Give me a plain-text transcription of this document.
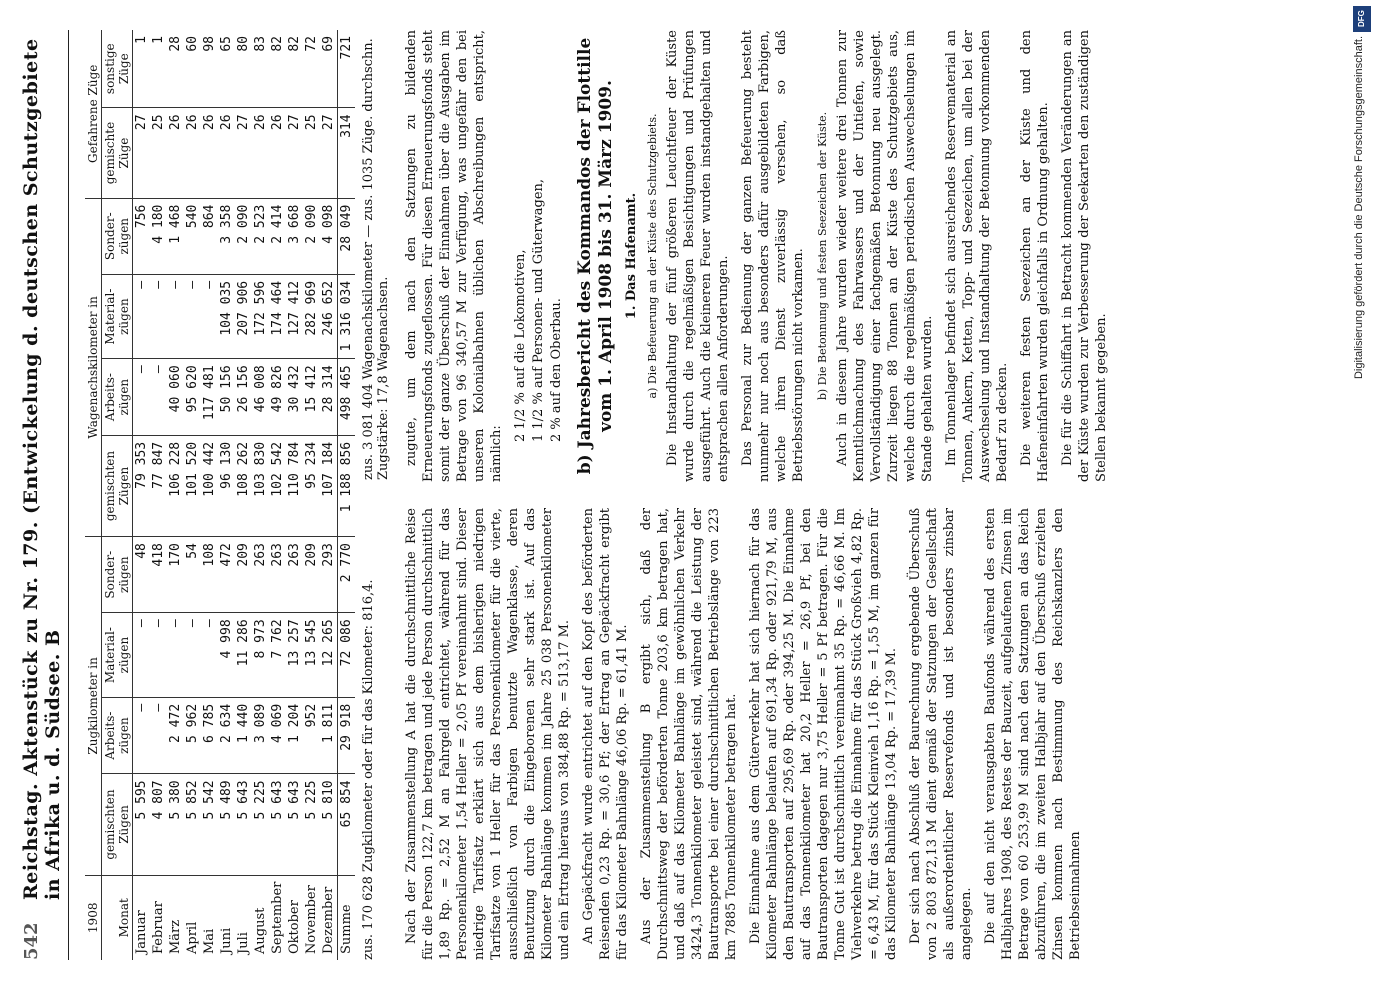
DFG
Digitalisierung gefördert durch die Deutsche Forschungsgemeinschaft.
542
Reichstag. Aktenstück zu Nr. 179. (Entwickelung d. deutschen Schutzgebiete in Afrika u. d. Südsee. B
1908	Zugkilometer in				Wagenachskilometer in				Gefahrene Züge	
Monat	gemischten Zügen	Arbeits-zügen	Material-zügen	Sonder-zügen	gemischten Zügen	Arbeits-zügen	Material-zügen	Sonder-zügen	gemischte Züge	sonstige Züge
Januar	5 595	—	—	48	79 353	—	—	756	27	1
Februar	4 807	—	—	418	77 847	—	—	4 180	25	1
März	5 380	2 472	—	170	106 228	40 060	—	1 468	26	28
April	5 852	5 962	—	54	101 520	95 620	—	540	26	60
Mai	5 542	6 785	—	108	100 442	117 481	—	864	26	98
Juni	5 489	2 634	4 998	472	96 130	50 156	104 035	3 358	26	65
Juli	5 643	1 440	11 286	209	108 262	26 156	207 906	2 090	27	80
August	5 225	3 089	8 973	263	103 830	46 008	172 596	2 523	26	83
September	5 643	4 069	7 762	263	102 542	49 826	174 464	2 414	26	82
Oktober	5 643	1 204	13 257	263	110 784	30 432	127 412	3 668	27	82
November	5 225	952	13 545	209	95 234	15 412	282 969	2 090	25	72
Dezember	5 810	1 811	12 265	293	107 184	28 314	246 652	4 098	27	69
Summe	65 854	29 918	72 086	2 770	1 188 856	498 465	1 316 034	28 049	314	721

zus. 170 628 Zugkilometer oder für das Kilometer: 816,4.

zus. 3 081 404 Wagenachskilometer — zus. 1035 Züge. durchschn. Zugstärke: 17,8 Wagenachsen.

Nach der Zusammenstellung A hat die durchschnittliche Reise für die Person 122,7 km betragen und jede Person durchschnittlich 1,89 Rp. = 2,52 M an Fahrgeld entrichtet, während für das Personenkilometer 1,54 Heller = 2,05 Pf vereinnahmt sind. Dieser niedrige Tarifsatz erklärt sich aus dem bisherigen niedrigen Tarifsatze von 1 Heller für das Personenkilometer für die vierte, ausschließlich von Farbigen benutzte Wagenklasse, deren Benutzung durch die Eingeborenen sehr stark ist. Auf das Kilometer Bahnlänge kommen im Jahre 25 038 Personenkilometer und ein Ertrag hieraus von 384,88 Rp. = 513,17 M. An Gepäckfracht wurde entrichtet auf den Kopf des beförderten Reisenden 0,23 Rp. = 30,6 Pf; der Ertrag an Gepäckfracht ergibt für das Kilometer Bahnlänge 46,06 Rp. = 61,41 M. Aus der Zusammenstellung B ergibt sich, daß der Durchschnittsweg der beförderten Tonne 203,6 km betragen hat, und daß auf das Kilometer Bahnlänge im gewöhnlichen Verkehr 3424,3 Tonnenkilometer geleistet sind, während die Leistung der Bautransporte bei einer durchschnittlichen Betriebslänge von 223 km 7885 Tonnenkilometer betragen hat. Die Einnahme aus dem Güterverkehr hat sich hiernach für das Kilometer Bahnlänge belaufen auf 691,34 Rp. oder 921,79 M, aus den Bautransporten auf 295,69 Rp. oder 394,25 M. Die Einnahme auf das Tonnenkilometer hat 20,2 Heller = 26,9 Pf, bei den Bautransporten dagegen nur 3,75 Heller = 5 Pf betragen. Für die Tonne Gut ist durchschnittlich vereinnahmt 35 Rp. = 46,66 M. Im Viehverkehre betrug die Einnahme für das Stück Großvieh 4,82 Rp. = 6,43 M, für das Stück Kleinvieh 1,16 Rp. = 1,55 M, im ganzen für das Kilometer Bahnlänge 13,04 Rp. = 17,39 M. Der sich nach Abschluß der Baurechnung ergebende Überschuß von 2 803 872,13 M dient gemäß der Satzungen der Gesellschaft als außerordentlicher Reservefonds und ist besonders zinsbar angelegen. Die auf den nicht verausgabten Baufonds während des ersten Halbjahres 1908, des Restes der Bauzeit, aufgelaufenen Zinsen im Betrage von 60 253,99 M sind nach den Satzungen an das Reich abzuführen, die im zweiten Halbjahr auf den Überschuß erzielten Zinsen kommen nach Bestimmung des Reichskanzlers den Betriebseinnahmen

zugute, um dem nach den Satzungen zu bildenden Erneuerungsfonds zugeflossen. Für diesen Erneuerungsfonds steht somit der ganze Überschuß der Einnahmen über die Ausgaben im Betrage von 96 340,57 M zur Verfügung, was ungefähr den bei unseren Kolonialbahnen üblichen Abschreibungen entspricht, nämlich:

2 1/2 % auf die Lokomotiven, 1 1/2 % auf Personen- und Güterwagen, 2 % auf den Oberbau. b) Jahresbericht des Kommandos der Flottille vom 1. April 1908 bis 31. März 1909. 1. Das Hafenamt. a) Die Befeuerung an der Küste des Schutzgebiets. Die Instandhaltung der fünf größeren Leuchtfeuer der Küste wurde durch die regelmäßigen Besichtigungen und Prüfungen ausgeführt. Auch die kleineren Feuer wurden instandgehalten und entsprachen allen Anforderungen. Das Personal zur Bedienung der ganzen Befeuerung besteht nunmehr nur noch aus besonders dafür ausgebildeten Farbigen, welche ihren Dienst zuverlässig versehen, so daß Betriebsstörungen nicht vorkamen. b) Die Betonnung und festen Seezeichen der Küste. Auch in diesem Jahre wurden wieder weitere drei Tonnen zur Kenntlichmachung des Fahrwassers und der Untiefen, sowie Vervollständigung einer fachgemäßen Betonnung neu ausgelegt. Zurzeit liegen 88 Tonnen an der Küste des Schutzgebiets aus, welche durch die regelmäßigen periodischen Auswechselungen im Stande gehalten wurden. Im Tonnenlager befindet sich ausreichendes Reservematerial an Tonnen, Ankern, Ketten, Topp- und Seezeichen, um allen bei der Auswechselung und Instandhaltung der Betonnung vorkommenden Bedarf zu decken. Die weiteren festen Seezeichen an der Küste und den Hafeneinfahrten wurden gleichfalls in Ordnung gehalten. Die für die Schiffahrt in Betracht kommenden Veränderungen an der Küste wurden zur Verbesserung der Seekarten den zuständigen Stellen bekannt gegeben.
